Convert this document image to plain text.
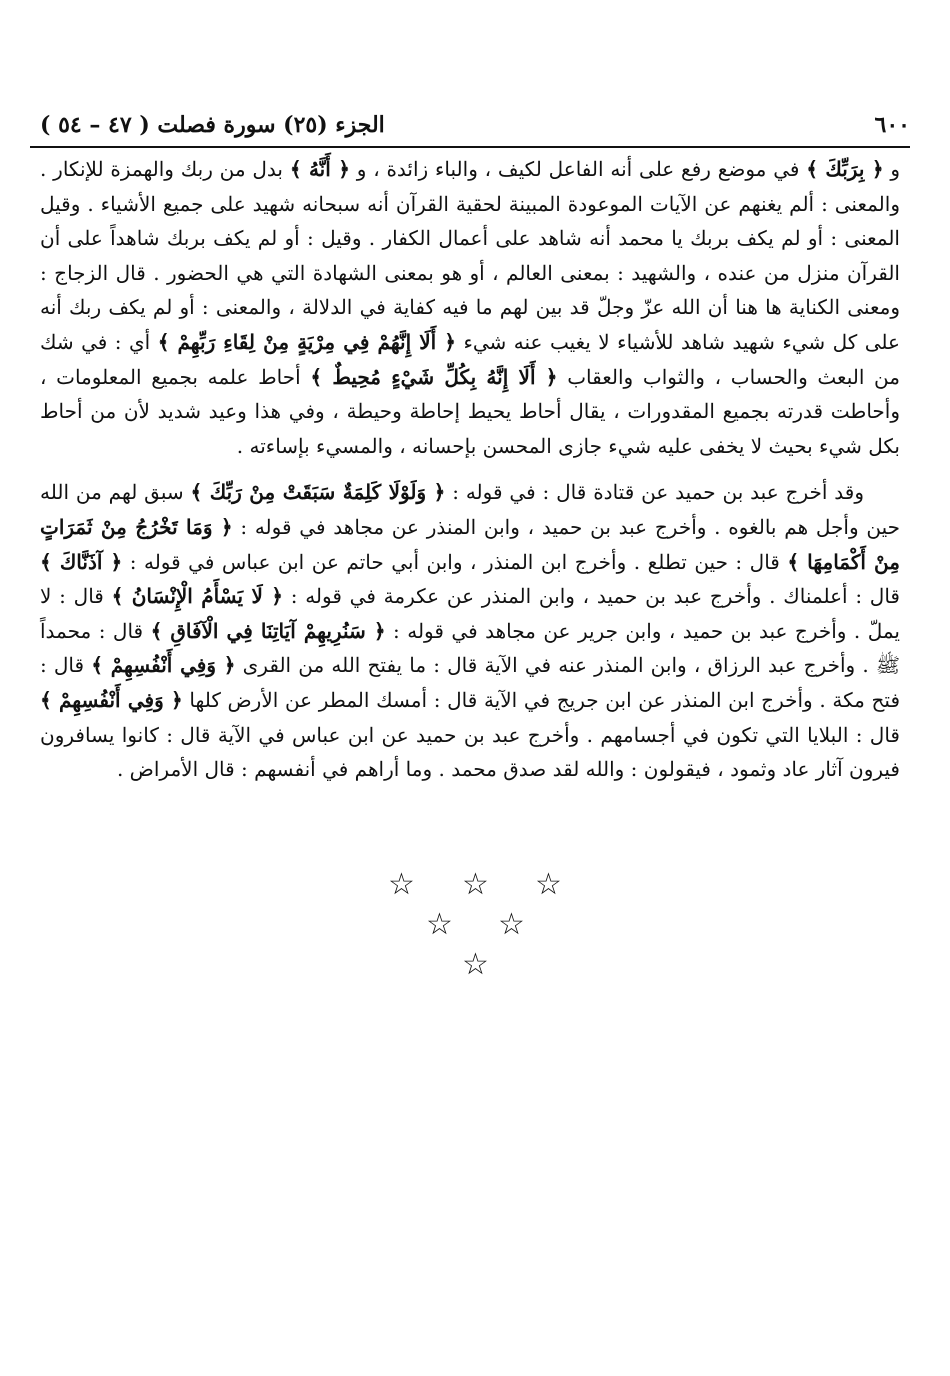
٦٠٠
الجزء (٢٥) سورة فصلت ( ٤٧ – ٥٤ )

و ﴿ بِرَبِّكَ ﴾ في موضع رفع على أنه الفاعل لكيف ، والباء زائدة ، و ﴿ أَنَّهُ ﴾ بدل من ربك والهمزة للإنكار . والمعنى : ألم يغنهم عن الآيات الموعودة المبينة لحقية القرآن أنه سبحانه شهيد على جميع الأشياء . وقيل المعنى : أو لم يكف بربك يا محمد أنه شاهد على أعمال الكفار . وقيل : أو لم يكف بربك شاهداً على أن القرآن منزل من عنده ، والشهيد : بمعنى العالم ، أو هو بمعنى الشهادة التي هي الحضور . قال الزجاج : ومعنى الكناية ها هنا أن الله عزّ وجلّ قد بين لهم ما فيه كفاية في الدلالة ، والمعنى : أو لم يكف ربك أنه على كل شيء شهيد شاهد للأشياء لا يغيب عنه شيء ﴿ أَلَا إِنَّهُمْ فِي مِرْيَةٍ مِنْ لِقَاءِ رَبِّهِمْ ﴾ أي : في شك من البعث والحساب ، والثواب والعقاب ﴿ أَلَا إِنَّهُ بِكُلِّ شَيْءٍ مُحِيطٌ ﴾ أحاط علمه بجميع المعلومات ، وأحاطت قدرته بجميع المقدورات ، يقال أحاط يحيط إحاطة وحيطة ، وفي هذا وعيد شديد لأن من أحاط بكل شيء بحيث لا يخفى عليه شيء جازى المحسن بإحسانه ، والمسيء بإساءته .

وقد أخرج عبد بن حميد عن قتادة قال : في قوله : ﴿ وَلَوْلَا كَلِمَةٌ سَبَقَتْ مِنْ رَبِّكَ ﴾ سبق لهم من الله حين وأجل هم بالغوه . وأخرج عبد بن حميد ، وابن المنذر عن مجاهد في قوله : ﴿ وَمَا تَخْرُجُ مِنْ ثَمَرَاتٍ مِنْ أَكْمَامِهَا ﴾ قال : حين تطلع . وأخرج ابن المنذر ، وابن أبي حاتم عن ابن عباس في قوله : ﴿ آذَنَّاكَ ﴾ قال : أعلمناك . وأخرج عبد بن حميد ، وابن المنذر عن عكرمة في قوله : ﴿ لَا يَسْأَمُ الْإِنْسَانُ ﴾ قال : لا يملّ . وأخرج عبد بن حميد ، وابن جرير عن مجاهد في قوله : ﴿ سَنُرِيهِمْ آيَاتِنَا فِي الْآفَاقِ ﴾ قال : محمداً ﷺ . وأخرج عبد الرزاق ، وابن المنذر عنه في الآية قال : ما يفتح الله من القرى ﴿ وَفِي أَنْفُسِهِمْ ﴾ قال : فتح مكة . وأخرج ابن المنذر عن ابن جريج في الآية قال : أمسك المطر عن الأرض كلها ﴿ وَفِي أَنْفُسِهِمْ ﴾ قال : البلايا التي تكون في أجسامهم . وأخرج عبد بن حميد عن ابن عباس في الآية قال : كانوا يسافرون فيرون آثار عاد وثمود ، فيقولون : والله لقد صدق محمد . وما أراهم في أنفسهم : قال الأمراض .

☆ ☆ ☆
☆ ☆
☆
